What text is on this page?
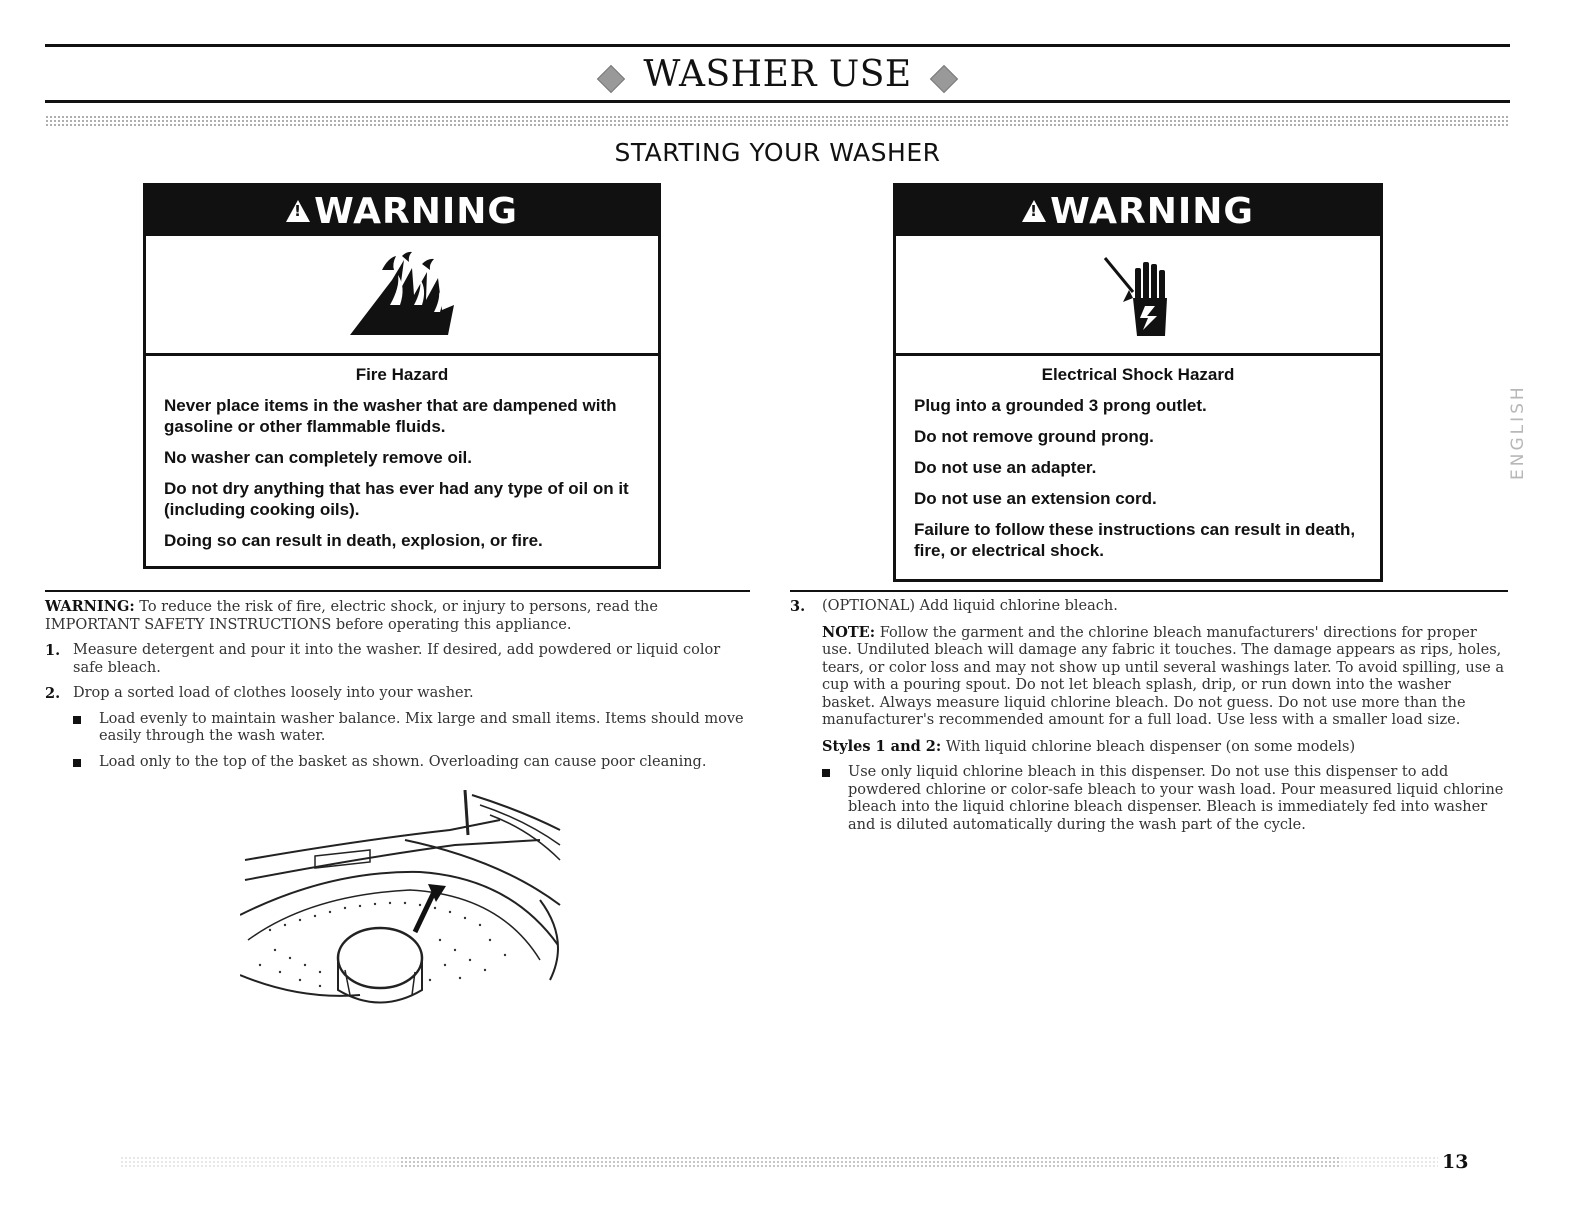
WASHER USE
STARTING YOUR WASHER
!
WARNING
Fire Hazard

Never place items in the washer that are dampened with gasoline or other flammable fluids.

No washer can completely remove oil.

Do not dry anything that has ever had any type of oil on it (including cooking oils).

Doing so can result in death, explosion, or fire.

!
WARNING
Electrical Shock Hazard

Plug into a grounded 3 prong outlet.

Do not remove ground prong.

Do not use an adapter.

Do not use an extension cord.

Failure to follow these instructions can result in death, fire, or electrical shock.

WARNING: To reduce the risk of fire, electric shock, or injury to persons, read the IMPORTANT SAFETY INSTRUCTIONS before operating this appliance.

1. Measure detergent and pour it into the washer. If desired, add powdered or liquid color safe bleach.
2. Drop a sorted load of clothes loosely into your washer.
Load evenly to maintain washer balance. Mix large and small items. Items should move easily through the wash water.
Load only to the top of the basket as shown. Overloading can cause poor cleaning.
3.	(OPTIONAL) Add liquid chlorine bleach.

NOTE: Follow the garment and the chlorine bleach manufacturers' directions for proper use. Undiluted bleach will damage any fabric it touches. The damage appears as rips, holes, tears, or color loss and may not show up until several washings later. To avoid spilling, use a cup with a pouring spout. Do not let bleach splash, drip, or run down into the washer basket. Always measure liquid chlorine bleach. Do not guess. Do not use more than the manufacturer's recommended amount for a full load. Use less with a smaller load size.

Styles 1 and 2: With liquid chlorine bleach dispenser (on some models)

Use only liquid chlorine bleach in this dispenser. Do not use this dispenser to add powdered chlorine or color-safe bleach to your wash load. Pour measured liquid chlorine bleach into the liquid chlorine bleach dispenser. Bleach is immediately fed into washer and is diluted automatically during the wash part of the cycle.
ENGLISH
13
